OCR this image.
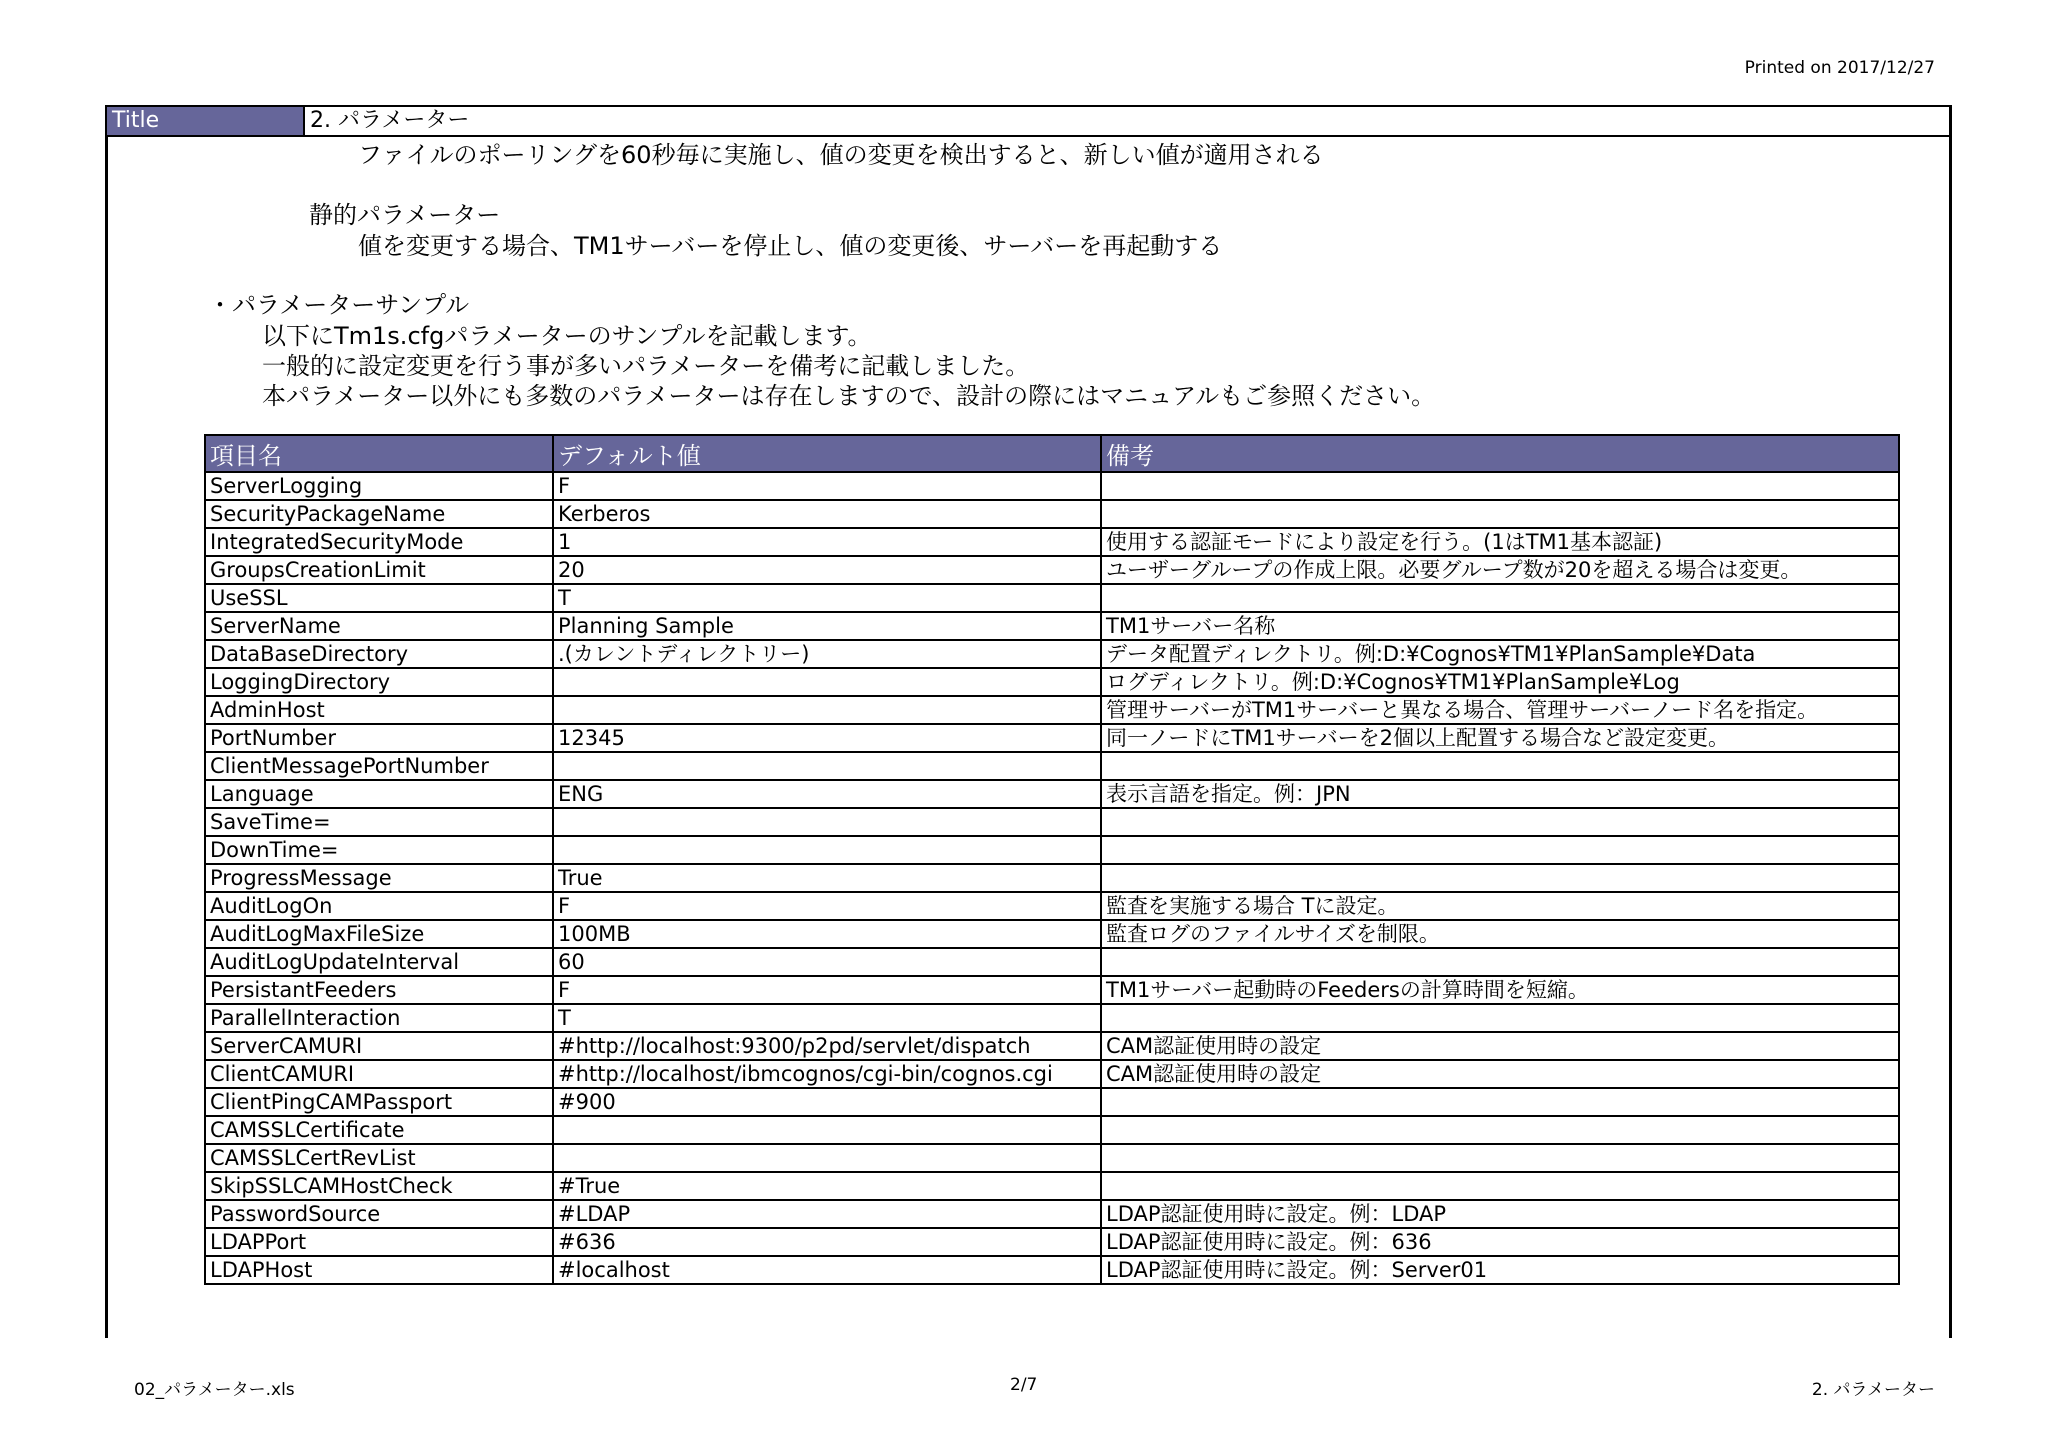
Printed on 2017/12/27
Title	2. パラメーター
ファイルのポーリングを60秒毎に実施し、値の変更を検出すると、新しい値が適用される
静的パラメーター
値を変更する場合、TM1サーバーを停止し、値の変更後、サーバーを再起動する
・パラメーターサンプル
以下にTm1s.cfgパラメーターのサンプルを記載します。
一般的に設定変更を行う事が多いパラメーターを備考に記載しました。
本パラメーター以外にも多数のパラメーターは存在しますので、設計の際にはマニュアルもご参照ください。
項目名	デフォルト値	備考
ServerLogging	F	
SecurityPackageName	Kerberos	
IntegratedSecurityMode	1	使用する認証モードにより設定を行う。(1はTM1基本認証)
GroupsCreationLimit	20	ユーザーグループの作成上限。必要グループ数が20を超える場合は変更。
UseSSL	T	
ServerName	Planning Sample	TM1サーバー名称
DataBaseDirectory	.(カレントディレクトリー)	データ配置ディレクトリ。例:D:¥Cognos¥TM1¥PlanSample¥Data
LoggingDirectory		ログディレクトリ。例:D:¥Cognos¥TM1¥PlanSample¥Log
AdminHost		管理サーバーがTM1サーバーと異なる場合、管理サーバーノード名を指定。
PortNumber	12345	同一ノードにTM1サーバーを2個以上配置する場合など設定変更。
ClientMessagePortNumber		
Language	ENG	表示言語を指定。例：JPN
SaveTime=		
DownTime=		
ProgressMessage	True	
AuditLogOn	F	監査を実施する場合 Tに設定。
AuditLogMaxFileSize	100MB	監査ログのファイルサイズを制限。
AuditLogUpdateInterval	60	
PersistantFeeders	F	TM1サーバー起動時のFeedersの計算時間を短縮。
ParallelInteraction	T	
ServerCAMURI	#http://localhost:9300/p2pd/servlet/dispatch	CAM認証使用時の設定
ClientCAMURI	#http://localhost/ibmcognos/cgi-bin/cognos.cgi	CAM認証使用時の設定
ClientPingCAMPassport	#900	
CAMSSLCertificate		
CAMSSLCertRevList		
SkipSSLCAMHostCheck	#True	
PasswordSource	#LDAP	LDAP認証使用時に設定。例：LDAP
LDAPPort	#636	LDAP認証使用時に設定。例：636
LDAPHost	#localhost	LDAP認証使用時に設定。例：Server01
02_パラメーター.xls	2/7	2. パラメーター
